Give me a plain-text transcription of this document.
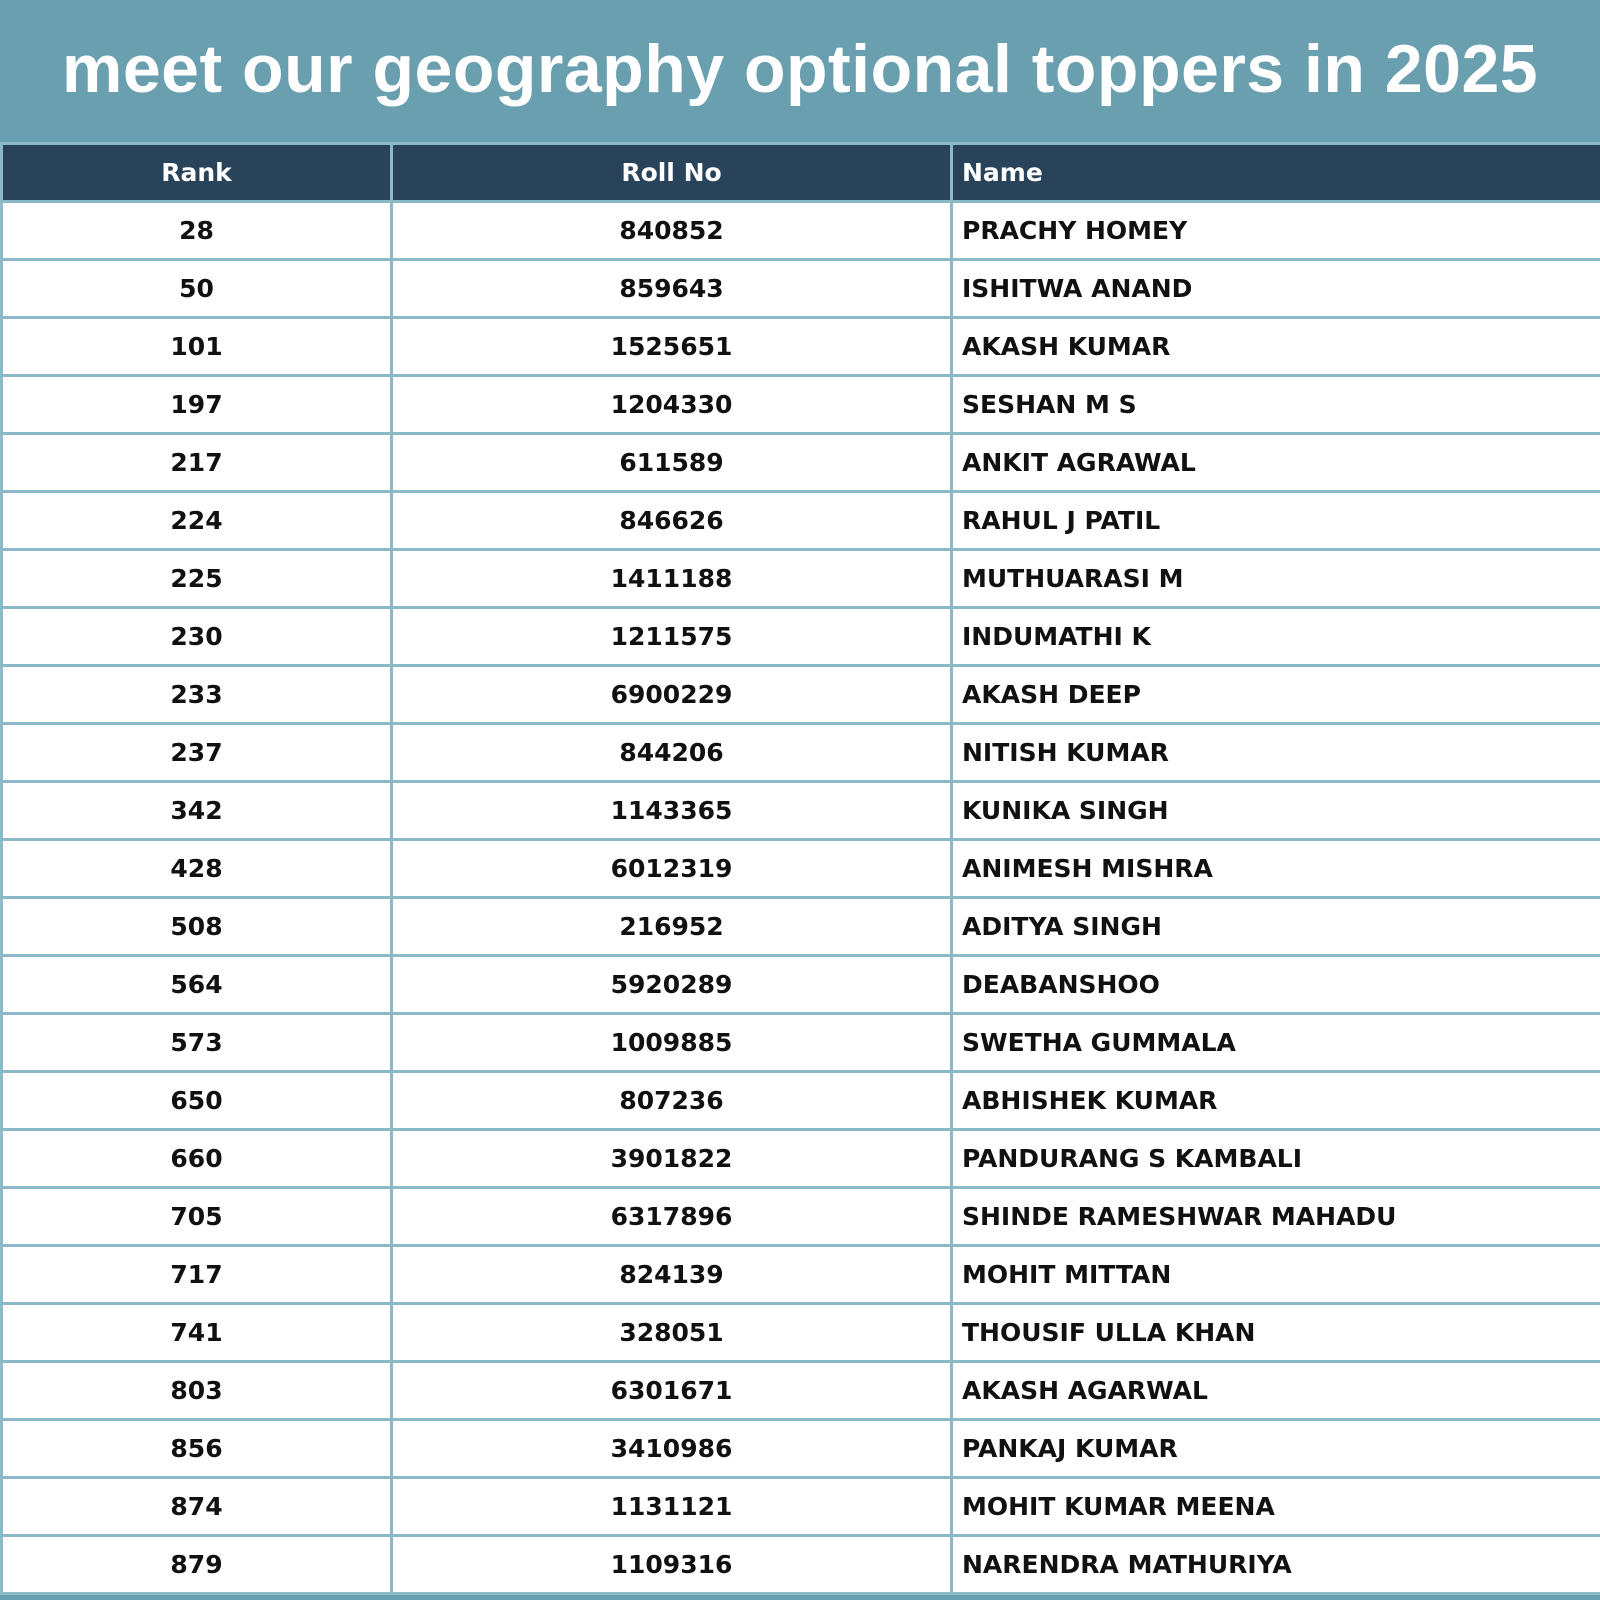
meet our geography optional toppers in 2025
Rank	Roll No	Name
28	840852	PRACHY HOMEY
50	859643	ISHITWA ANAND
101	1525651	AKASH KUMAR
197	1204330	SESHAN M S
217	611589	ANKIT AGRAWAL
224	846626	RAHUL J PATIL
225	1411188	MUTHUARASI M
230	1211575	INDUMATHI K
233	6900229	AKASH DEEP
237	844206	NITISH KUMAR
342	1143365	KUNIKA SINGH
428	6012319	ANIMESH MISHRA
508	216952	ADITYA SINGH
564	5920289	DEABANSHOO
573	1009885	SWETHA GUMMALA
650	807236	ABHISHEK KUMAR
660	3901822	PANDURANG S KAMBALI
705	6317896	SHINDE RAMESHWAR MAHADU
717	824139	MOHIT MITTAN
741	328051	THOUSIF ULLA KHAN
803	6301671	AKASH AGARWAL
856	3410986	PANKAJ KUMAR
874	1131121	MOHIT KUMAR MEENA
879	1109316	NARENDRA MATHURIYA
